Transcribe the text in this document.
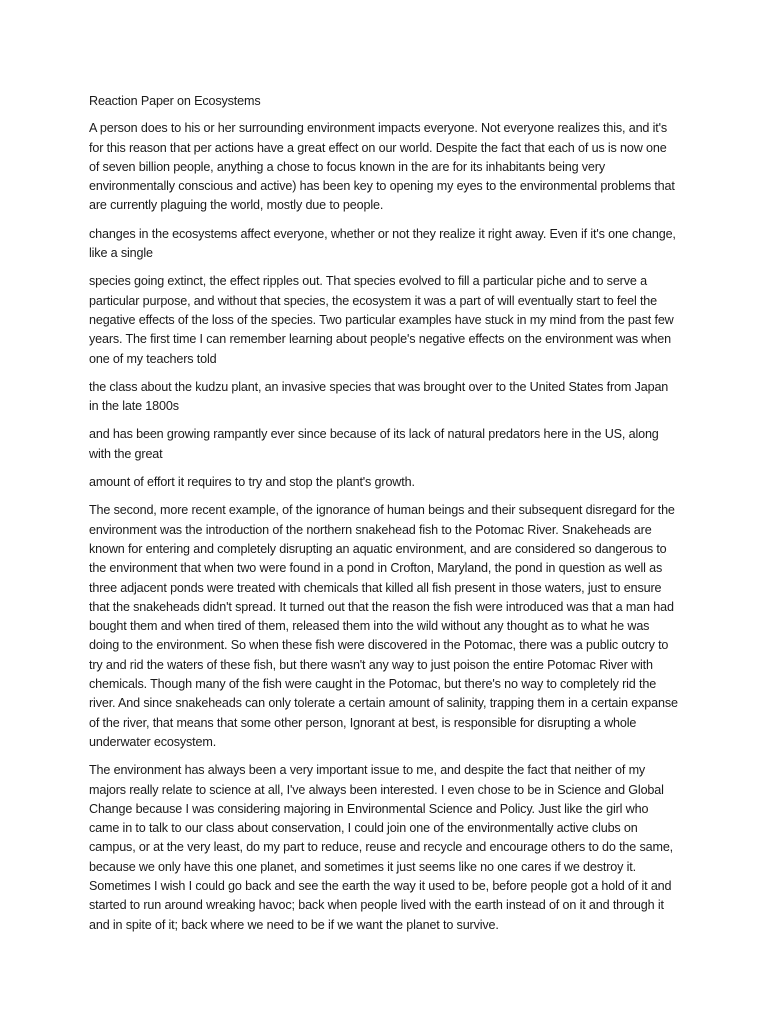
Reaction Paper on Ecosystems

A person does to his or her surrounding environment impacts everyone. Not everyone realizes this, and it's for this reason that per actions have a great effect on our world. Despite the fact that each of us is now one of seven billion people, anything a chose to focus known in the are for its inhabitants being very environmentally conscious and active) has been key to opening my eyes to the environmental problems that are currently plaguing the world, mostly due to people.

changes in the ecosystems affect everyone, whether or not they realize it right away. Even if it's one change, like a single

species going extinct, the effect ripples out. That species evolved to fill a particular piche and to serve a particular purpose, and without that species, the ecosystem it was a part of will eventually start to feel the negative effects of the loss of the species. Two particular examples have stuck in my mind from the past few years. The first time I can remember learning about people's negative effects on the environment was when one of my teachers told

the class about the kudzu plant, an invasive species that was brought over to the United States from Japan in the late 1800s

and has been growing rampantly ever since because of its lack of natural predators here in the US, along with the great

amount of effort it requires to try and stop the plant's growth.

The second, more recent example, of the ignorance of human beings and their subsequent disregard for the environment was the introduction of the northern snakehead fish to the Potomac River. Snakeheads are known for entering and completely disrupting an aquatic environment, and are considered so dangerous to the environment that when two were found in a pond in Crofton, Maryland, the pond in question as well as three adjacent ponds were treated with chemicals that killed all fish present in those waters, just to ensure that the snakeheads didn't spread. It turned out that the reason the fish were introduced was that a man had bought them and when tired of them, released them into the wild without any thought as to what he was doing to the environment. So when these fish were discovered in the Potomac, there was a public outcry to try and rid the waters of these fish, but there wasn't any way to just poison the entire Potomac River with chemicals. Though many of the fish were caught in the Potomac, but there's no way to completely rid the river. And since snakeheads can only tolerate a certain amount of salinity, trapping them in a certain expanse of the river, that means that some other person, Ignorant at best, is responsible for disrupting a whole underwater ecosystem.

The environment has always been a very important issue to me, and despite the fact that neither of my majors really relate to science at all, I've always been interested. I even chose to be in Science and Global Change because I was considering majoring in Environmental Science and Policy. Just like the girl who came in to talk to our class about conservation, I could join one of the environmentally active clubs on campus, or at the very least, do my part to reduce, reuse and recycle and encourage others to do the same, because we only have this one planet, and sometimes it just seems like no one cares if we destroy it. Sometimes I wish I could go back and see the earth the way it used to be, before people got a hold of it and started to run around wreaking havoc; back when people lived with the earth instead of on it and through it and in spite of it; back where we need to be if we want the planet to survive.
